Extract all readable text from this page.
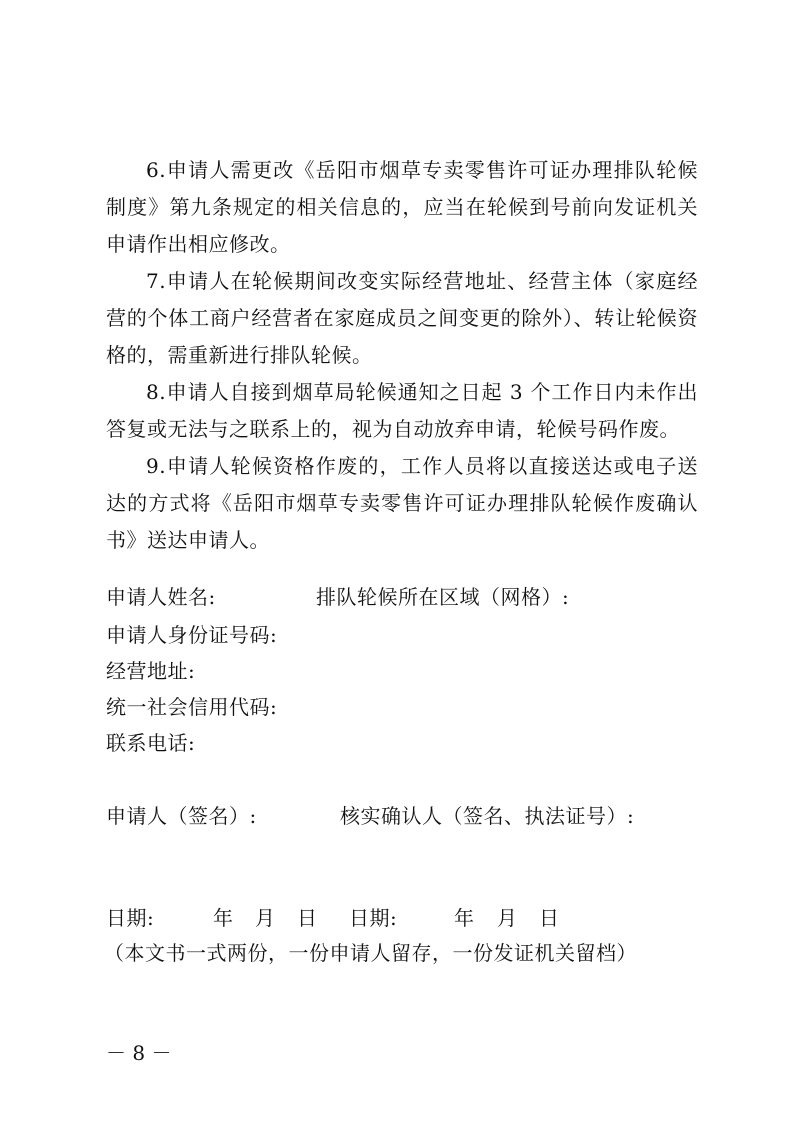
6.申请人需更改《岳阳市烟草专卖零售许可证办理排队轮候制度》第九条规定的相关信息的，应当在轮候到号前向发证机关申请作出相应修改。

7.申请人在轮候期间改变实际经营地址、经营主体（家庭经营的个体工商户经营者在家庭成员之间变更的除外）、转让轮候资格的，需重新进行排队轮候。

8.申请人自接到烟草局轮候通知之日起 3 个工作日内未作出答复或无法与之联系上的，视为自动放弃申请，轮候号码作废。

9.申请人轮候资格作废的，工作人员将以直接送达或电子送达的方式将《岳阳市烟草专卖零售许可证办理排队轮候作废确认书》送达申请人。

申请人姓名:	排队轮候所在区域（网格）:
申请人身份证号码:
经营地址:
统一社会信用代码:
联系电话:
申请人（签名）:	核实确认人（签名、执法证号）:
日期:	年 月 日 日期:	年 月 日
（本文书一式两份，一份申请人留存，一份发证机关留档）
－ 8 －
